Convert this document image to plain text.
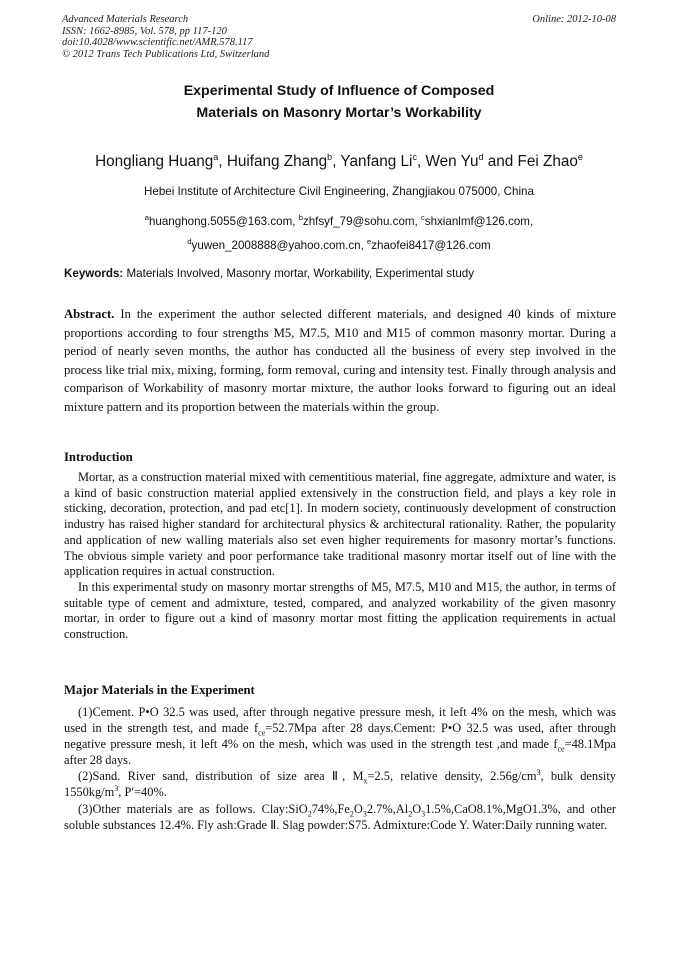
Advanced Materials Research
ISSN: 1662-8985, Vol. 578, pp 117-120
doi:10.4028/www.scientific.net/AMR.578.117
© 2012 Trans Tech Publications Ltd, Switzerland
Online: 2012-10-08
Experimental Study of Influence of Composed
Materials on Masonry Mortar’s Workability
Hongliang Huang$^a$, Huifang Zhang$^b$, Yanfang Li$^c$, Wen Yu$^d$ and Fei Zhao$^e$
Hebei Institute of Architecture Civil Engineering, Zhangjiakou 075000, China
$^a$huanghong.5055@163.com, $^b$zhfsyf_79@sohu.com, $^c$shxianlmf@126.com,
$^d$yuwen_2008888@yahoo.com.cn, $^e$zhaofei8417@126.com
Keywords: Materials Involved, Masonry mortar, Workability, Experimental study
Abstract. In the experiment the author selected different materials, and designed 40 kinds of mixture proportions according to four strengths M5, M7.5, M10 and M15 of common masonry mortar. During a period of nearly seven months, the author has conducted all the business of every step involved in the process like trial mix, mixing, forming, form removal, curing and intensity test. Finally through analysis and comparison of Workability of masonry mortar mixture, the author looks forward to figuring out an ideal mixture pattern and its proportion between the materials within the group.
Introduction

Mortar, as a construction material mixed with cementitious material, fine aggregate, admixture and water, is a kind of basic construction material applied extensively in the construction field, and plays a key role in sticking, decoration, protection, and pad etc[1]. In modern society, continuously development of construction industry has raised higher standard for architectural physics & architectural rationality. Rather, the popularity and application of new walling materials also set even higher requirements for masonry mortar’s functions. The obvious simple variety and poor performance take traditional masonry mortar itself out of line with the application requires in actual construction.

In this experimental study on masonry mortar strengths of M5, M7.5, M10 and M15, the author, in terms of suitable type of cement and admixture, tested, compared, and analyzed workability of the given masonry mortar, in order to figure out a kind of masonry mortar most fitting the application requirements in actual construction.

Major Materials in the Experiment

(1)Cement. P•O 32.5 was used, after through negative pressure mesh, it left 4% on the mesh, which was used in the strength test, and made $f_{ce}=52.7Mpa$ after 28 days.Cement: P•O 32.5 was used, after through negative pressure mesh, it left 4% on the mesh, which was used in the strength test ,and made $f_{ce}=48.1Mpa$ after 28 days.

(2)Sand. River sand, distribution of size area Ⅱ, $M_x=2.5$, relative density, $2.56g/cm^3$, bulk density $1550kg/m^3$, P′=40%.

(3)Other materials are as follows. $Clay:SiO_274\%,Fe_2O_32.7\%,Al_2O_31.5\%,CaO8.1\%,MgO1.3\%$, and other soluble substances 12.4%. Fly ash:Grade Ⅱ. Slag powder:S75. Admixture:Code Y. Water:Daily running water.
